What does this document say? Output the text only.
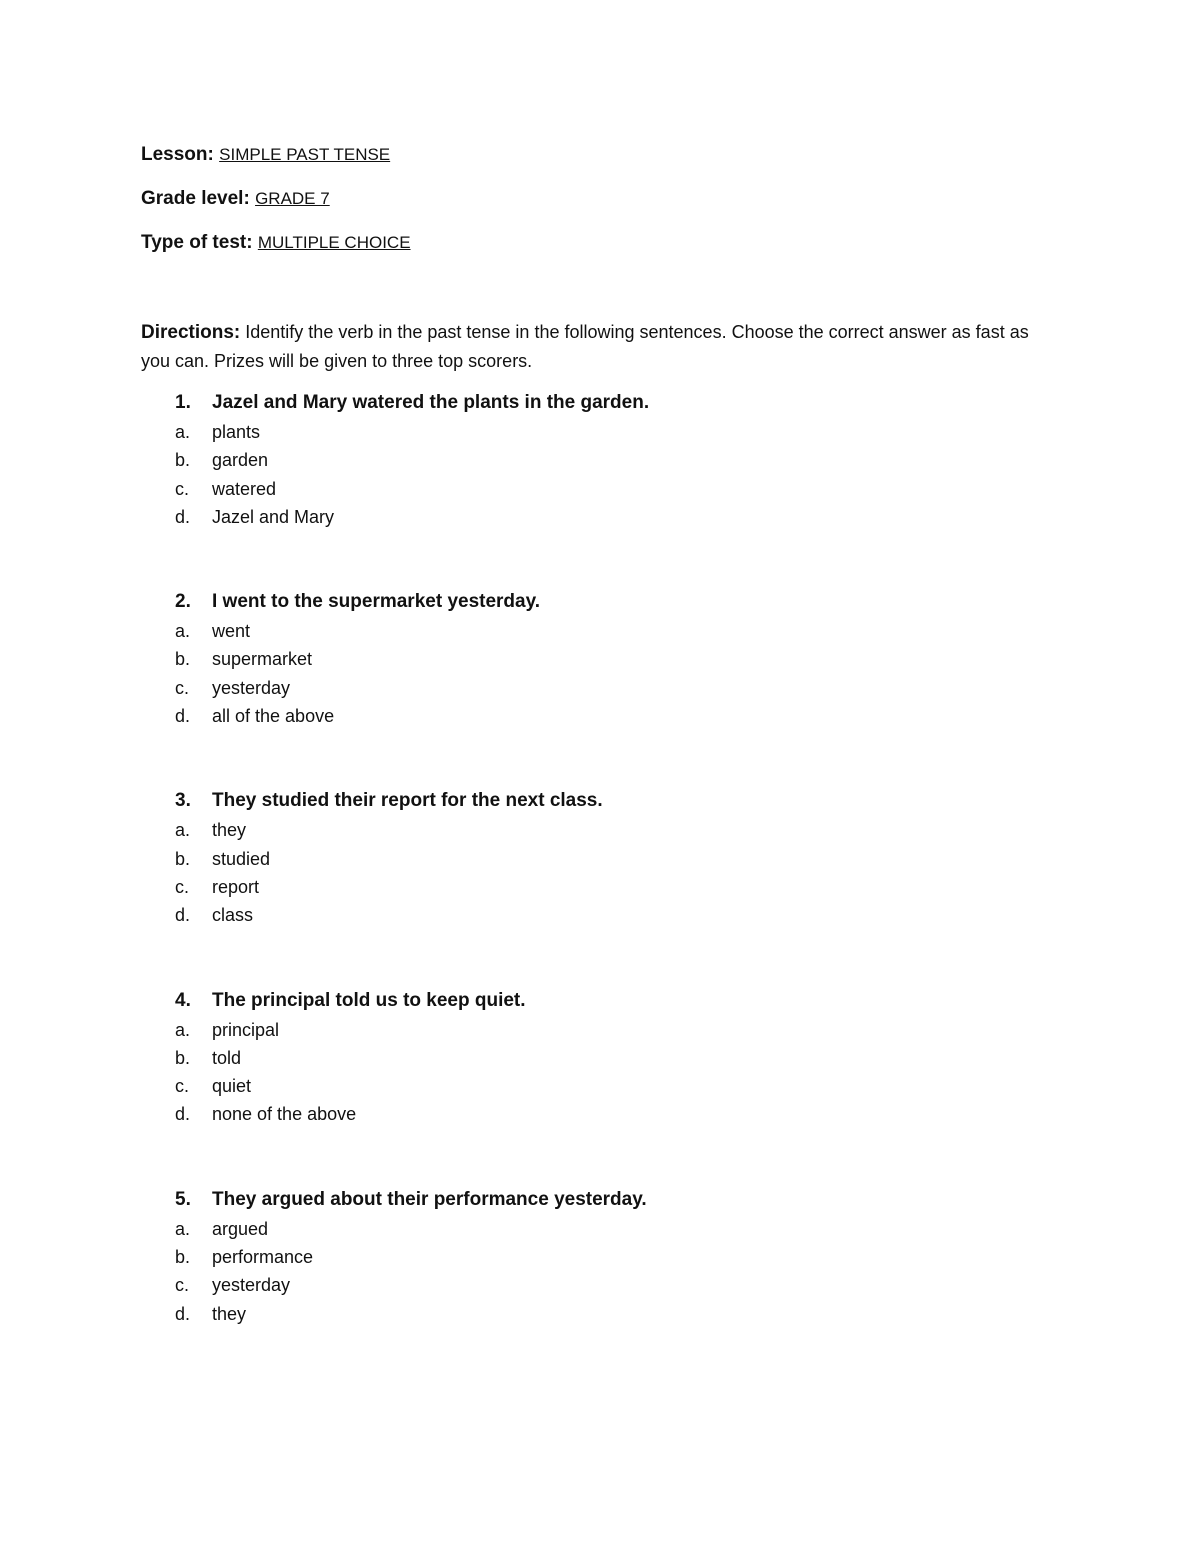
Lesson: SIMPLE PAST TENSE
Grade level: GRADE 7
Type of test: MULTIPLE CHOICE
Directions: Identify the verb in the past tense in the following sentences. Choose the correct answer as fast as you can. Prizes will be given to three top scorers.
1.	Jazel and Mary watered the plants in the garden.
a.	plants
b.	garden
c.	watered
d.	Jazel and Mary
2.	I went to the supermarket yesterday.
a.	went
b.	supermarket
c.	yesterday
d.	all of the above
3.	They studied their report for the next class.
a.	they
b.	studied
c.	report
d.	class
4.	The principal told us to keep quiet.
a.	principal
b.	told
c.	quiet
d.	none of the above
5.	They argued about their performance yesterday.
a.	argued
b.	performance
c.	yesterday
d.	they
